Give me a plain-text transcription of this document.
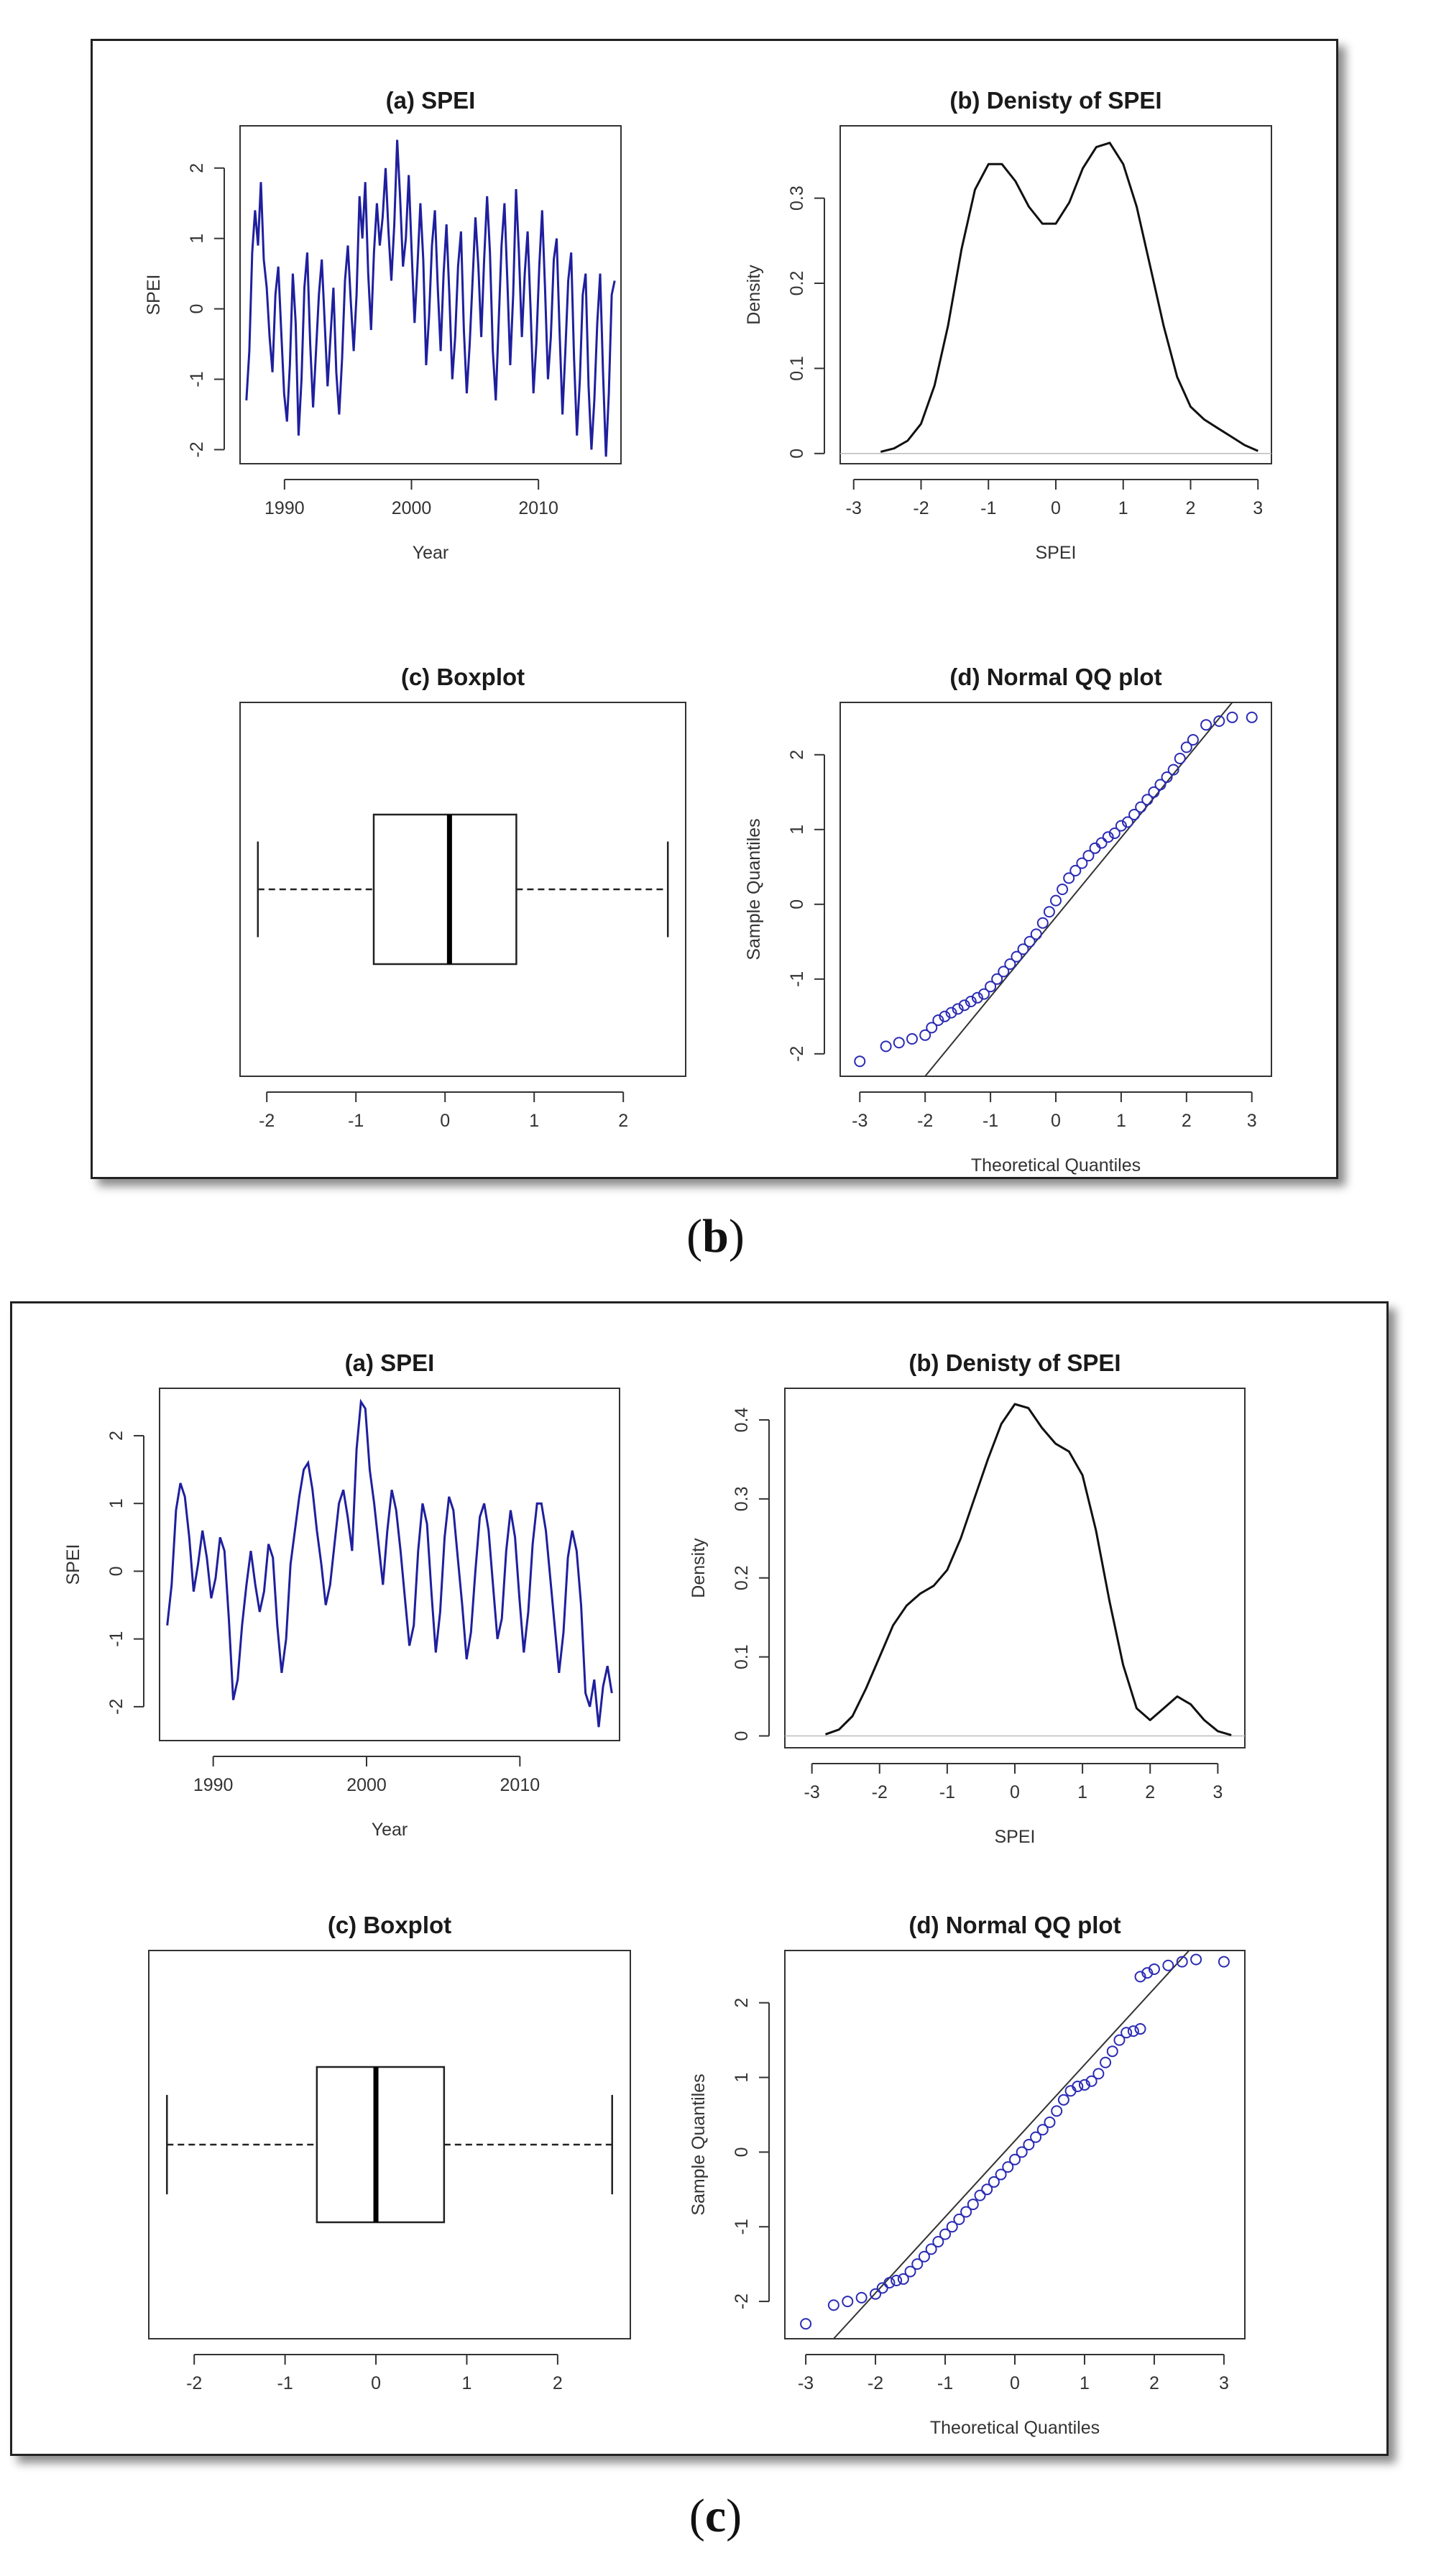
(a) SPEI
1990	2000	2010
Year
-2
-1
0
1
2
SPEI
(b) Denisty of SPEI
-3	-2	-1	0	1	2	3
SPEI
0
0.1
0.2
0.3
Density
(c) Boxplot
-2	-1	0	1	2
(d) Normal QQ plot
-3	-2	-1	0	1	2	3
Theoretical Quantiles
-2
-1
0
1
2
Sample Quantiles
(b)
(a) SPEI
1990	2000	2010
Year
-2
-1
0
1
2
SPEI
(b) Denisty of SPEI
-3	-2	-1	0	1	2	3
SPEI
0
0.1
0.2
0.3
0.4
Density
(c) Boxplot
-2	-1	0	1	2
(d) Normal QQ plot
-3	-2	-1	0	1	2	3
Theoretical Quantiles
-2
-1
0
1
2
Sample Quantiles
(c)
